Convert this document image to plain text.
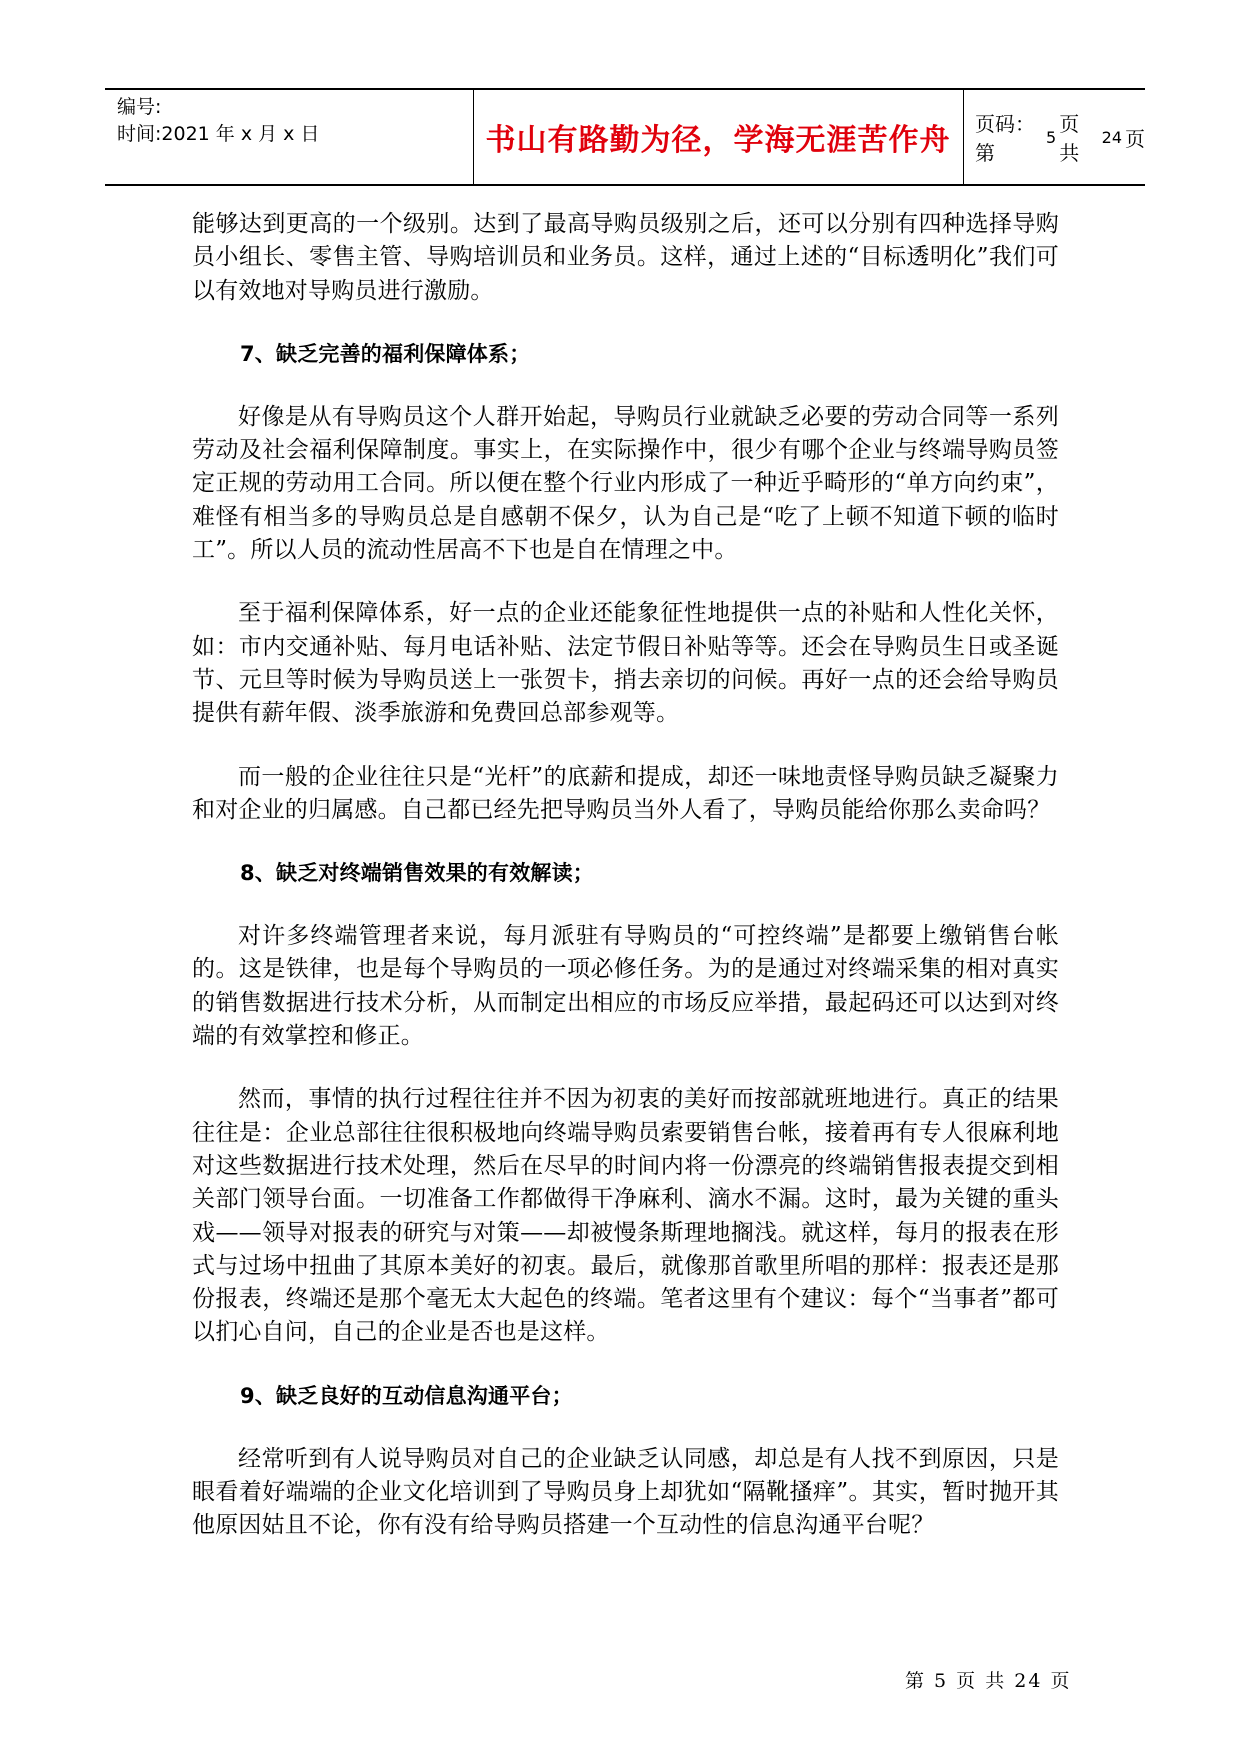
编号:
时间:2021 年 x 月 x 日	书山有路勤为径，学海无涯苦作舟	页码：第
5
页 共
24 页

能够达到更高的一个级别。达到了最高导购员级别之后，还可以分别有四种选择导购员小组长、零售主管、导购培训员和业务员。这样，通过上述的“目标透明化”我们可以有效地对导购员进行激励。

7、缺乏完善的福利保障体系；

好像是从有导购员这个人群开始起，导购员行业就缺乏必要的劳动合同等一系列劳动及社会福利保障制度。事实上，在实际操作中，很少有哪个企业与终端导购员签定正规的劳动用工合同。所以便在整个行业内形成了一种近乎畸形的“单方向约束”，难怪有相当多的导购员总是自感朝不保夕，认为自己是“吃了上顿不知道下顿的临时工”。所以人员的流动性居高不下也是自在情理之中。

至于福利保障体系，好一点的企业还能象征性地提供一点的补贴和人性化关怀，如：市内交通补贴、每月电话补贴、法定节假日补贴等等。还会在导购员生日或圣诞节、元旦等时候为导购员送上一张贺卡，捎去亲切的问候。再好一点的还会给导购员提供有薪年假、淡季旅游和免费回总部参观等。

而一般的企业往往只是“光杆”的底薪和提成，却还一味地责怪导购员缺乏凝聚力和对企业的归属感。自己都已经先把导购员当外人看了，导购员能给你那么卖命吗？

8、缺乏对终端销售效果的有效解读；

对许多终端管理者来说，每月派驻有导购员的“可控终端”是都要上缴销售台帐的。这是铁律，也是每个导购员的一项必修任务。为的是通过对终端采集的相对真实的销售数据进行技术分析，从而制定出相应的市场反应举措，最起码还可以达到对终端的有效掌控和修正。

然而，事情的执行过程往往并不因为初衷的美好而按部就班地进行。真正的结果往往是：企业总部往往很积极地向终端导购员索要销售台帐，接着再有专人很麻利地对这些数据进行技术处理，然后在尽早的时间内将一份漂亮的终端销售报表提交到相关部门领导台面。一切准备工作都做得干净麻利、滴水不漏。这时，最为关键的重头戏——领导对报表的研究与对策——却被慢条斯理地搁浅。就这样，每月的报表在形式与过场中扭曲了其原本美好的初衷。最后，就像那首歌里所唱的那样：报表还是那份报表，终端还是那个毫无太大起色的终端。笔者这里有个建议：每个“当事者”都可以扪心自问，自己的企业是否也是这样。

9、缺乏良好的互动信息沟通平台；

经常听到有人说导购员对自己的企业缺乏认同感，却总是有人找不到原因，只是眼看着好端端的企业文化培训到了导购员身上却犹如“隔靴搔痒”。其实，暂时抛开其他原因姑且不论，你有没有给导购员搭建一个互动性的信息沟通平台呢？

第 5 页 共 24 页
